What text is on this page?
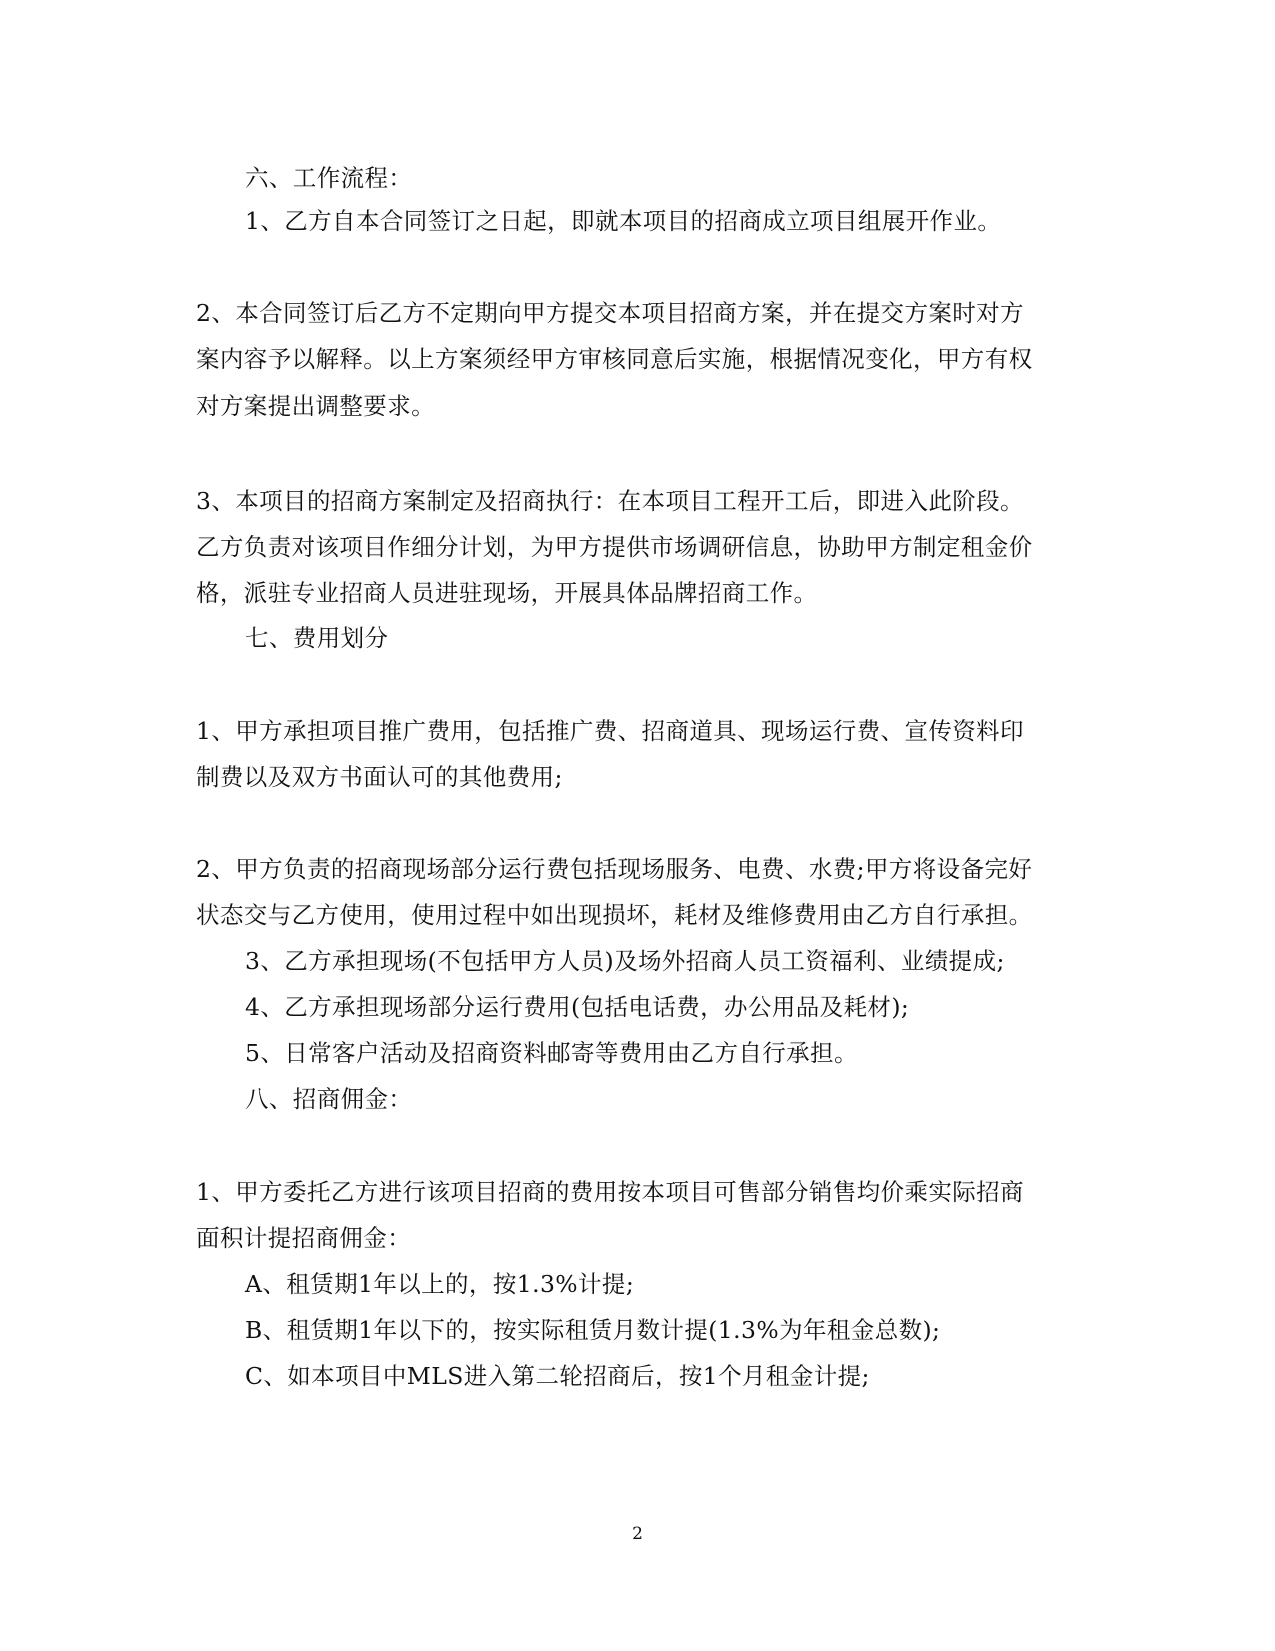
六、工作流程：
1、乙方自本合同签订之日起，即就本项目的招商成立项目组展开作业。
2、本合同签订后乙方不定期向甲方提交本项目招商方案，并在提交方案时对方
案内容予以解释。以上方案须经甲方审核同意后实施，根据情况变化，甲方有权
对方案提出调整要求。
3、本项目的招商方案制定及招商执行：在本项目工程开工后，即进入此阶段。
乙方负责对该项目作细分计划，为甲方提供市场调研信息，协助甲方制定租金价
格，派驻专业招商人员进驻现场，开展具体品牌招商工作。
七、费用划分
1、甲方承担项目推广费用，包括推广费、招商道具、现场运行费、宣传资料印
制费以及双方书面认可的其他费用;
2、甲方负责的招商现场部分运行费包括现场服务、电费、水费;甲方将设备完好
状态交与乙方使用，使用过程中如出现损坏，耗材及维修费用由乙方自行承担。
3、乙方承担现场(不包括甲方人员)及场外招商人员工资福利、业绩提成;
4、乙方承担现场部分运行费用(包括电话费，办公用品及耗材);
5、日常客户活动及招商资料邮寄等费用由乙方自行承担。
八、招商佣金：
1、甲方委托乙方进行该项目招商的费用按本项目可售部分销售均价乘实际招商
面积计提招商佣金：
A、租赁期1年以上的，按1.3%计提;
B、租赁期1年以下的，按实际租赁月数计提(1.3%为年租金总数);
C、如本项目中MLS进入第二轮招商后，按1个月租金计提;
2
